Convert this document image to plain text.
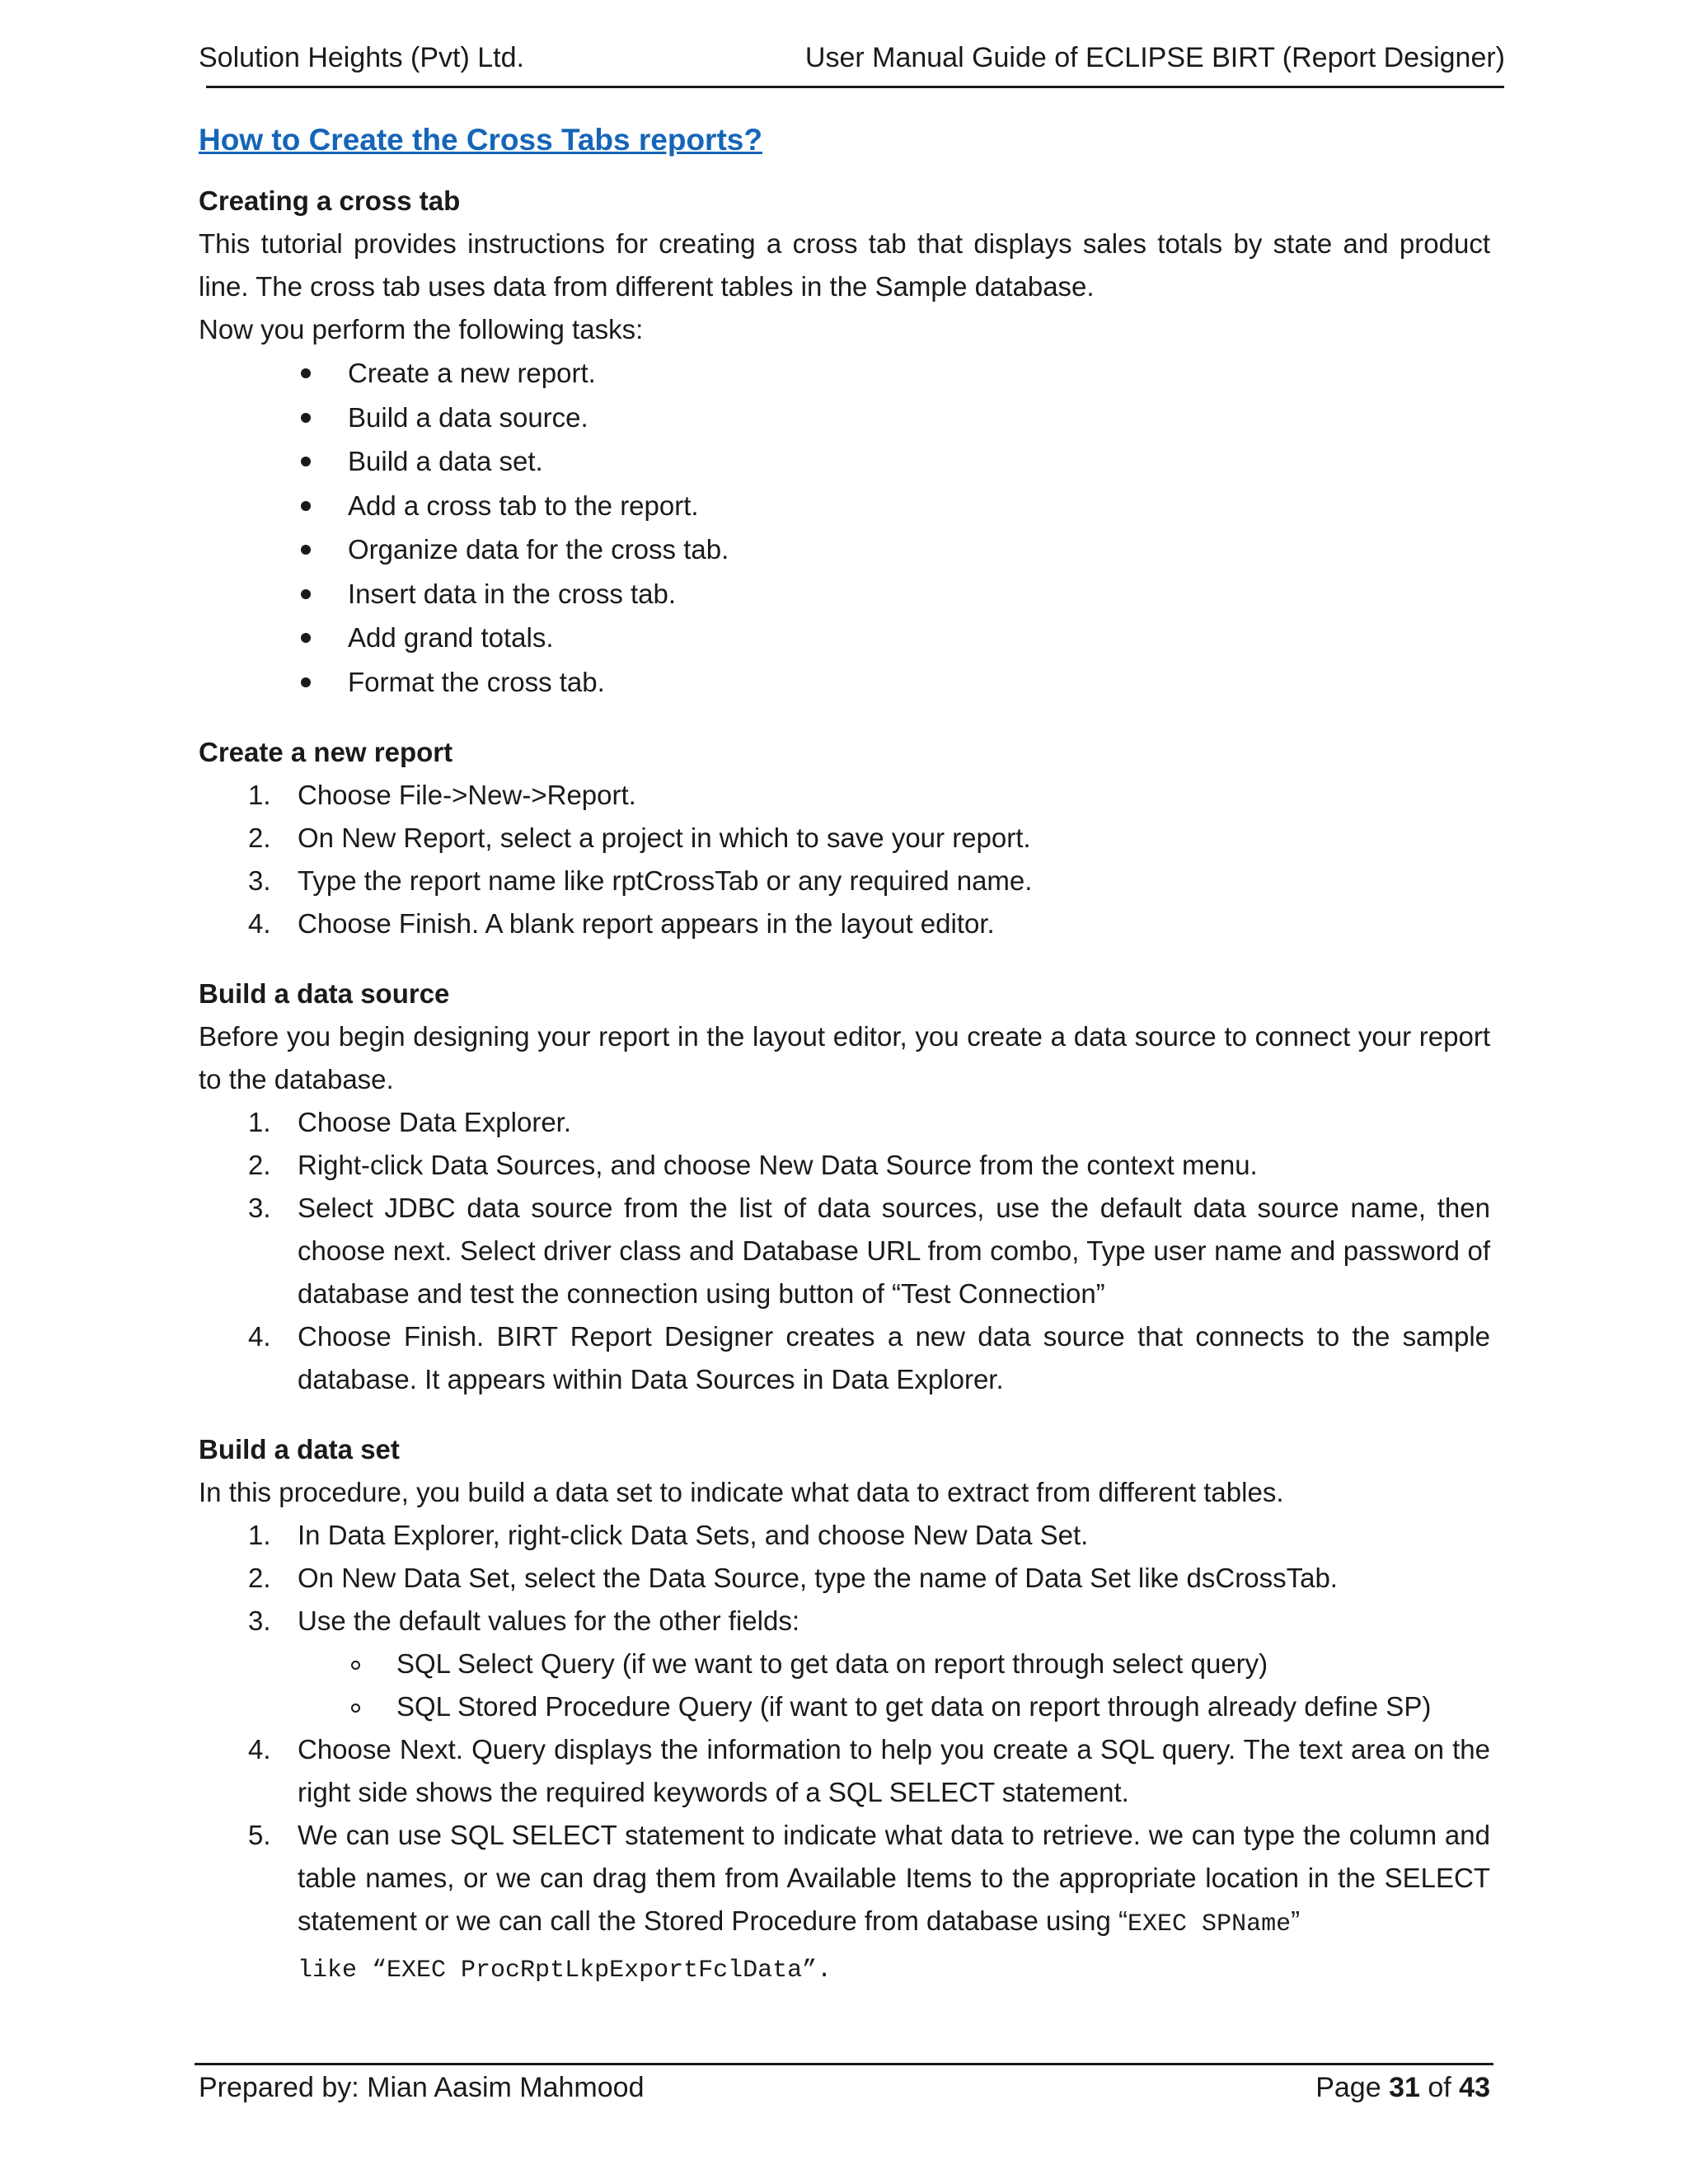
Solution Heights (Pvt) Ltd.	User Manual Guide of ECLIPSE BIRT (Report Designer)
How to Create the Cross Tabs reports?
Creating a cross tab
This tutorial provides instructions for creating a cross tab that displays sales totals by state and product line. The cross tab uses data from different tables in the Sample database.
Now you perform the following tasks:
Create a new report.
Build a data source.
Build a data set.
Add a cross tab to the report.
Organize data for the cross tab.
Insert data in the cross tab.
Add grand totals.
Format the cross tab.
Create a new report
1. Choose File->New->Report.
2. On New Report, select a project in which to save your report.
3. Type the report name like rptCrossTab or any required name.
4. Choose Finish. A blank report appears in the layout editor.
Build a data source
Before you begin designing your report in the layout editor, you create a data source to connect your report to the database.
1. Choose Data Explorer.
2. Right-click Data Sources, and choose New Data Source from the context menu.
3. Select JDBC data source from the list of data sources, use the default data source name, then choose next. Select driver class and Database URL from combo, Type user name and password of database and test the connection using button of “Test Connection”
4. Choose Finish. BIRT Report Designer creates a new data source that connects to the sample database. It appears within Data Sources in Data Explorer.
Build a data set
In this procedure, you build a data set to indicate what data to extract from different tables.
1. In Data Explorer, right-click Data Sets, and choose New Data Set.
2. On New Data Set, select the Data Source, type the name of Data Set like dsCrossTab.
3. Use the default values for the other fields:
SQL Select Query (if we want to get data on report through select query)
SQL Stored Procedure Query (if want to get data on report through already define SP)
4. Choose Next. Query displays the information to help you create a SQL query. The text area on the right side shows the required keywords of a SQL SELECT statement.
5. We can use SQL SELECT statement to indicate what data to retrieve. we can type the column and table names, or we can drag them from Available Items to the appropriate location in the SELECT statement or we can call the Stored Procedure from database using “EXEC SPName”
like “EXEC ProcRptLkpExportFclData”.
Prepared by: Mian Aasim Mahmood	Page 31 of 43
